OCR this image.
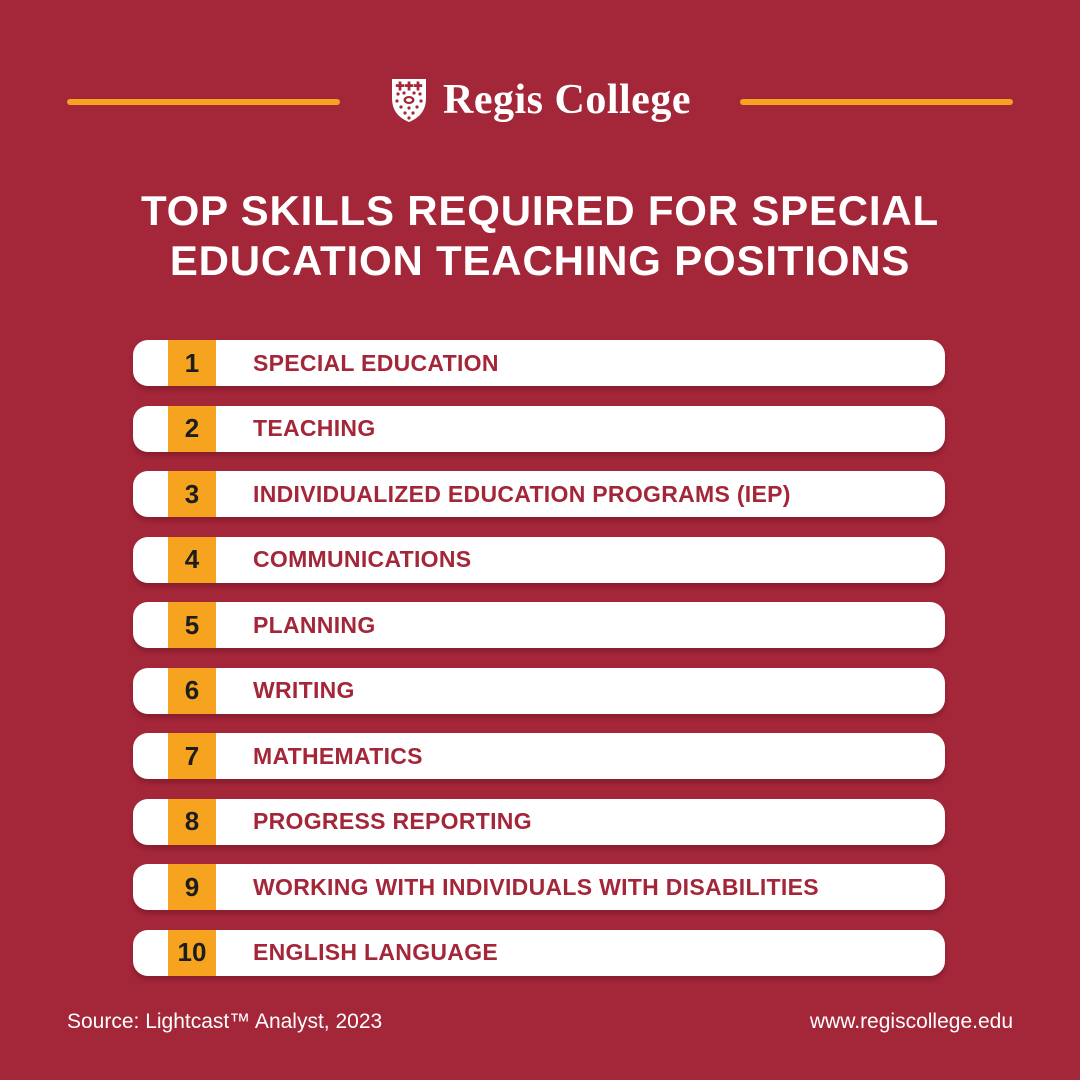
Regis College
TOP SKILLS REQUIRED FOR SPECIAL
EDUCATION TEACHING POSITIONS
1	SPECIAL EDUCATION
2	TEACHING
3	INDIVIDUALIZED EDUCATION PROGRAMS (IEP)
4	COMMUNICATIONS
5	PLANNING
6	WRITING
7	MATHEMATICS
8	PROGRESS REPORTING
9	WORKING WITH INDIVIDUALS WITH DISABILITIES
10	ENGLISH LANGUAGE
Source: Lightcast™ Analyst, 2023	www.regiscollege.edu
